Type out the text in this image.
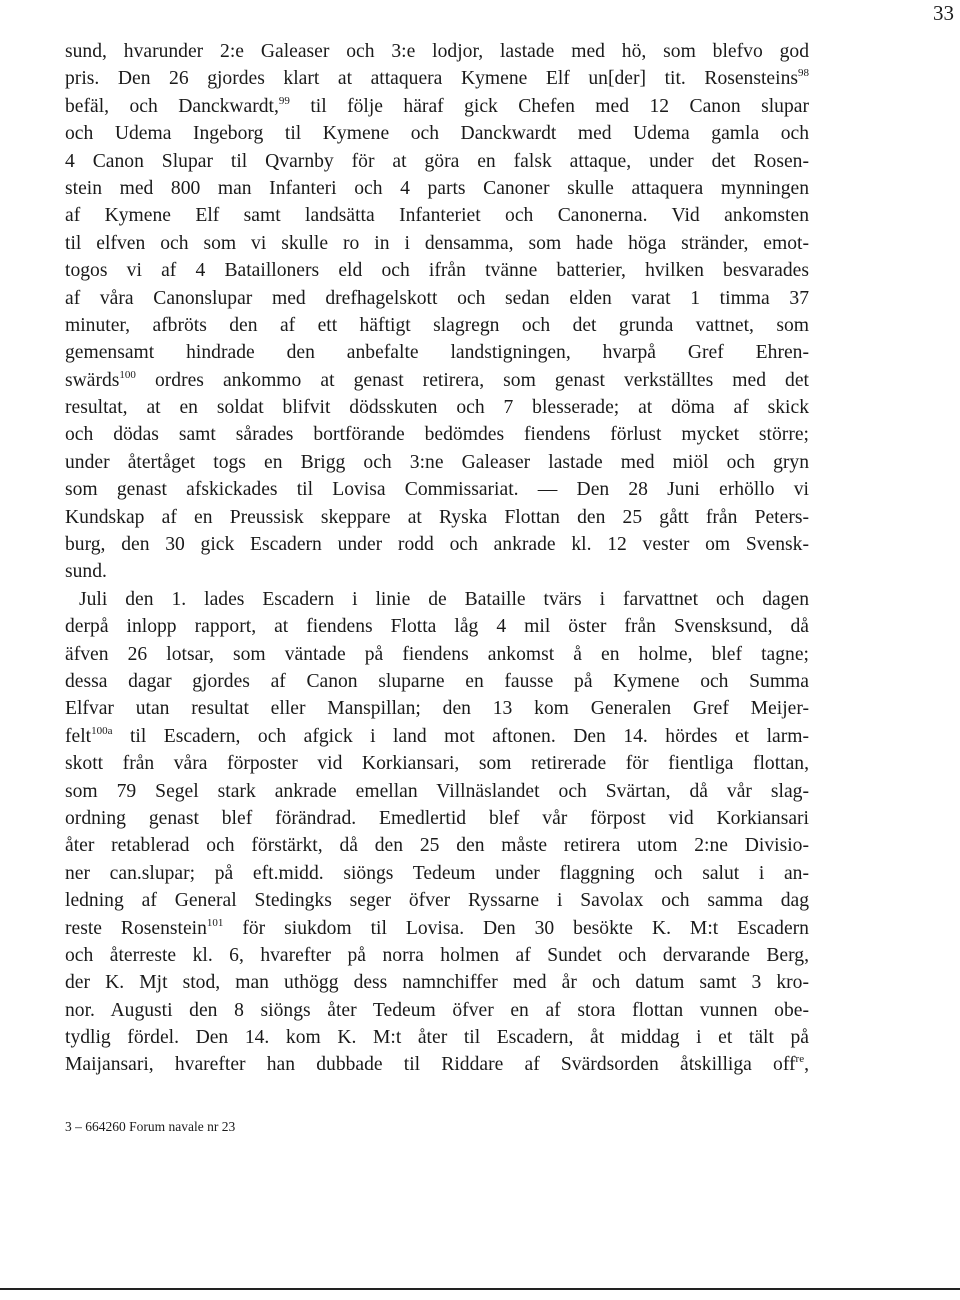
33
sund, hvarunder 2:e Galeaser och 3:e lodjor, lastade med hö, som blefvo god
pris. Den 26 gjordes klart at attaquera Kymene Elf un[der] tit. Rosensteins$^{98}$
befäl, och Danckwardt,$^{99}$ til följe häraf gick Chefen med 12 Canon slupar
och Udema Ingeborg til Kymene och Danckwardt med Udema gamla och
4 Canon Slupar til Qvarnby för at göra en falsk attaque, under det Rosen-
stein med 800 man Infanteri och 4 parts Canoner skulle attaquera mynningen
af Kymene Elf samt landsätta Infanteriet och Canonerna. Vid ankomsten
til elfven och som vi skulle ro in i densamma, som hade höga stränder, emot-
togos vi af 4 Batailloners eld och ifrån tvänne batterier, hvilken besvarades
af våra Canonslupar med drefhagelskott och sedan elden varat 1 timma 37
minuter, afbröts den af ett häftigt slagregn och det grunda vattnet, som
gemensamt hindrade den anbefalte landstigningen, hvarpå Gref Ehren-
swärds$^{100}$ ordres ankommo at genast retirera, som genast verkställtes med det
resultat, at en soldat blifvit dödsskuten och 7 blesserade; at döma af skick
och dödas samt sårades bortförande bedömdes fiendens förlust mycket större;
under återtåget togs en Brigg och 3:ne Galeaser lastade med miöl och gryn
som genast afskickades til Lovisa Commissariat. — Den 28 Juni erhöllo vi
Kundskap af en Preussisk skeppare at Ryska Flottan den 25 gått från Peters-
burg, den 30 gick Escadern under rodd och ankrade kl. 12 vester om Svensk-
sund.
Juli den 1. lades Escadern i linie de Bataille tvärs i farvattnet och dagen
derpå inlopp rapport, at fiendens Flotta låg 4 mil öster från Svensksund, då
äfven 26 lotsar, som väntade på fiendens ankomst å en holme, blef tagne;
dessa dagar gjordes af Canon sluparne en fausse på Kymene och Summa
Elfvar utan resultat eller Manspillan; den 13 kom Generalen Gref Meijer-
felt$^{100a}$ til Escadern, och afgick i land mot aftonen. Den 14. hördes et larm-
skott från våra förposter vid Korkiansari, som retirerade för fientliga flottan,
som 79 Segel stark ankrade emellan Villnäslandet och Svärtan, då vår slag-
ordning genast blef förändrad. Emedlertid blef vår förpost vid Korkiansari
åter retablerad och förstärkt, då den 25 den måste retirera utom 2:ne Divisio-
ner can.slupar; på eft.midd. siöngs Tedeum under flaggning och salut i an-
ledning af General Stedingks seger öfver Ryssarne i Savolax och samma dag
reste Rosenstein$^{101}$ för siukdom til Lovisa. Den 30 besökte K. M:t Escadern
och återreste kl. 6, hvarefter på norra holmen af Sundet och dervarande Berg,
der K. Mjt stod, man uthögg dess namnchiffer med år och datum samt 3 kro-
nor. Augusti den 8 siöngs åter Tedeum öfver en af stora flottan vunnen obe-
tydlig fördel. Den 14. kom K. M:t åter til Escadern, åt middag i et tält på
Maijansari, hvarefter han dubbade til Riddare af Svärdsorden åtskilliga off$^{re}$,
3 – 664260 Forum navale nr 23
